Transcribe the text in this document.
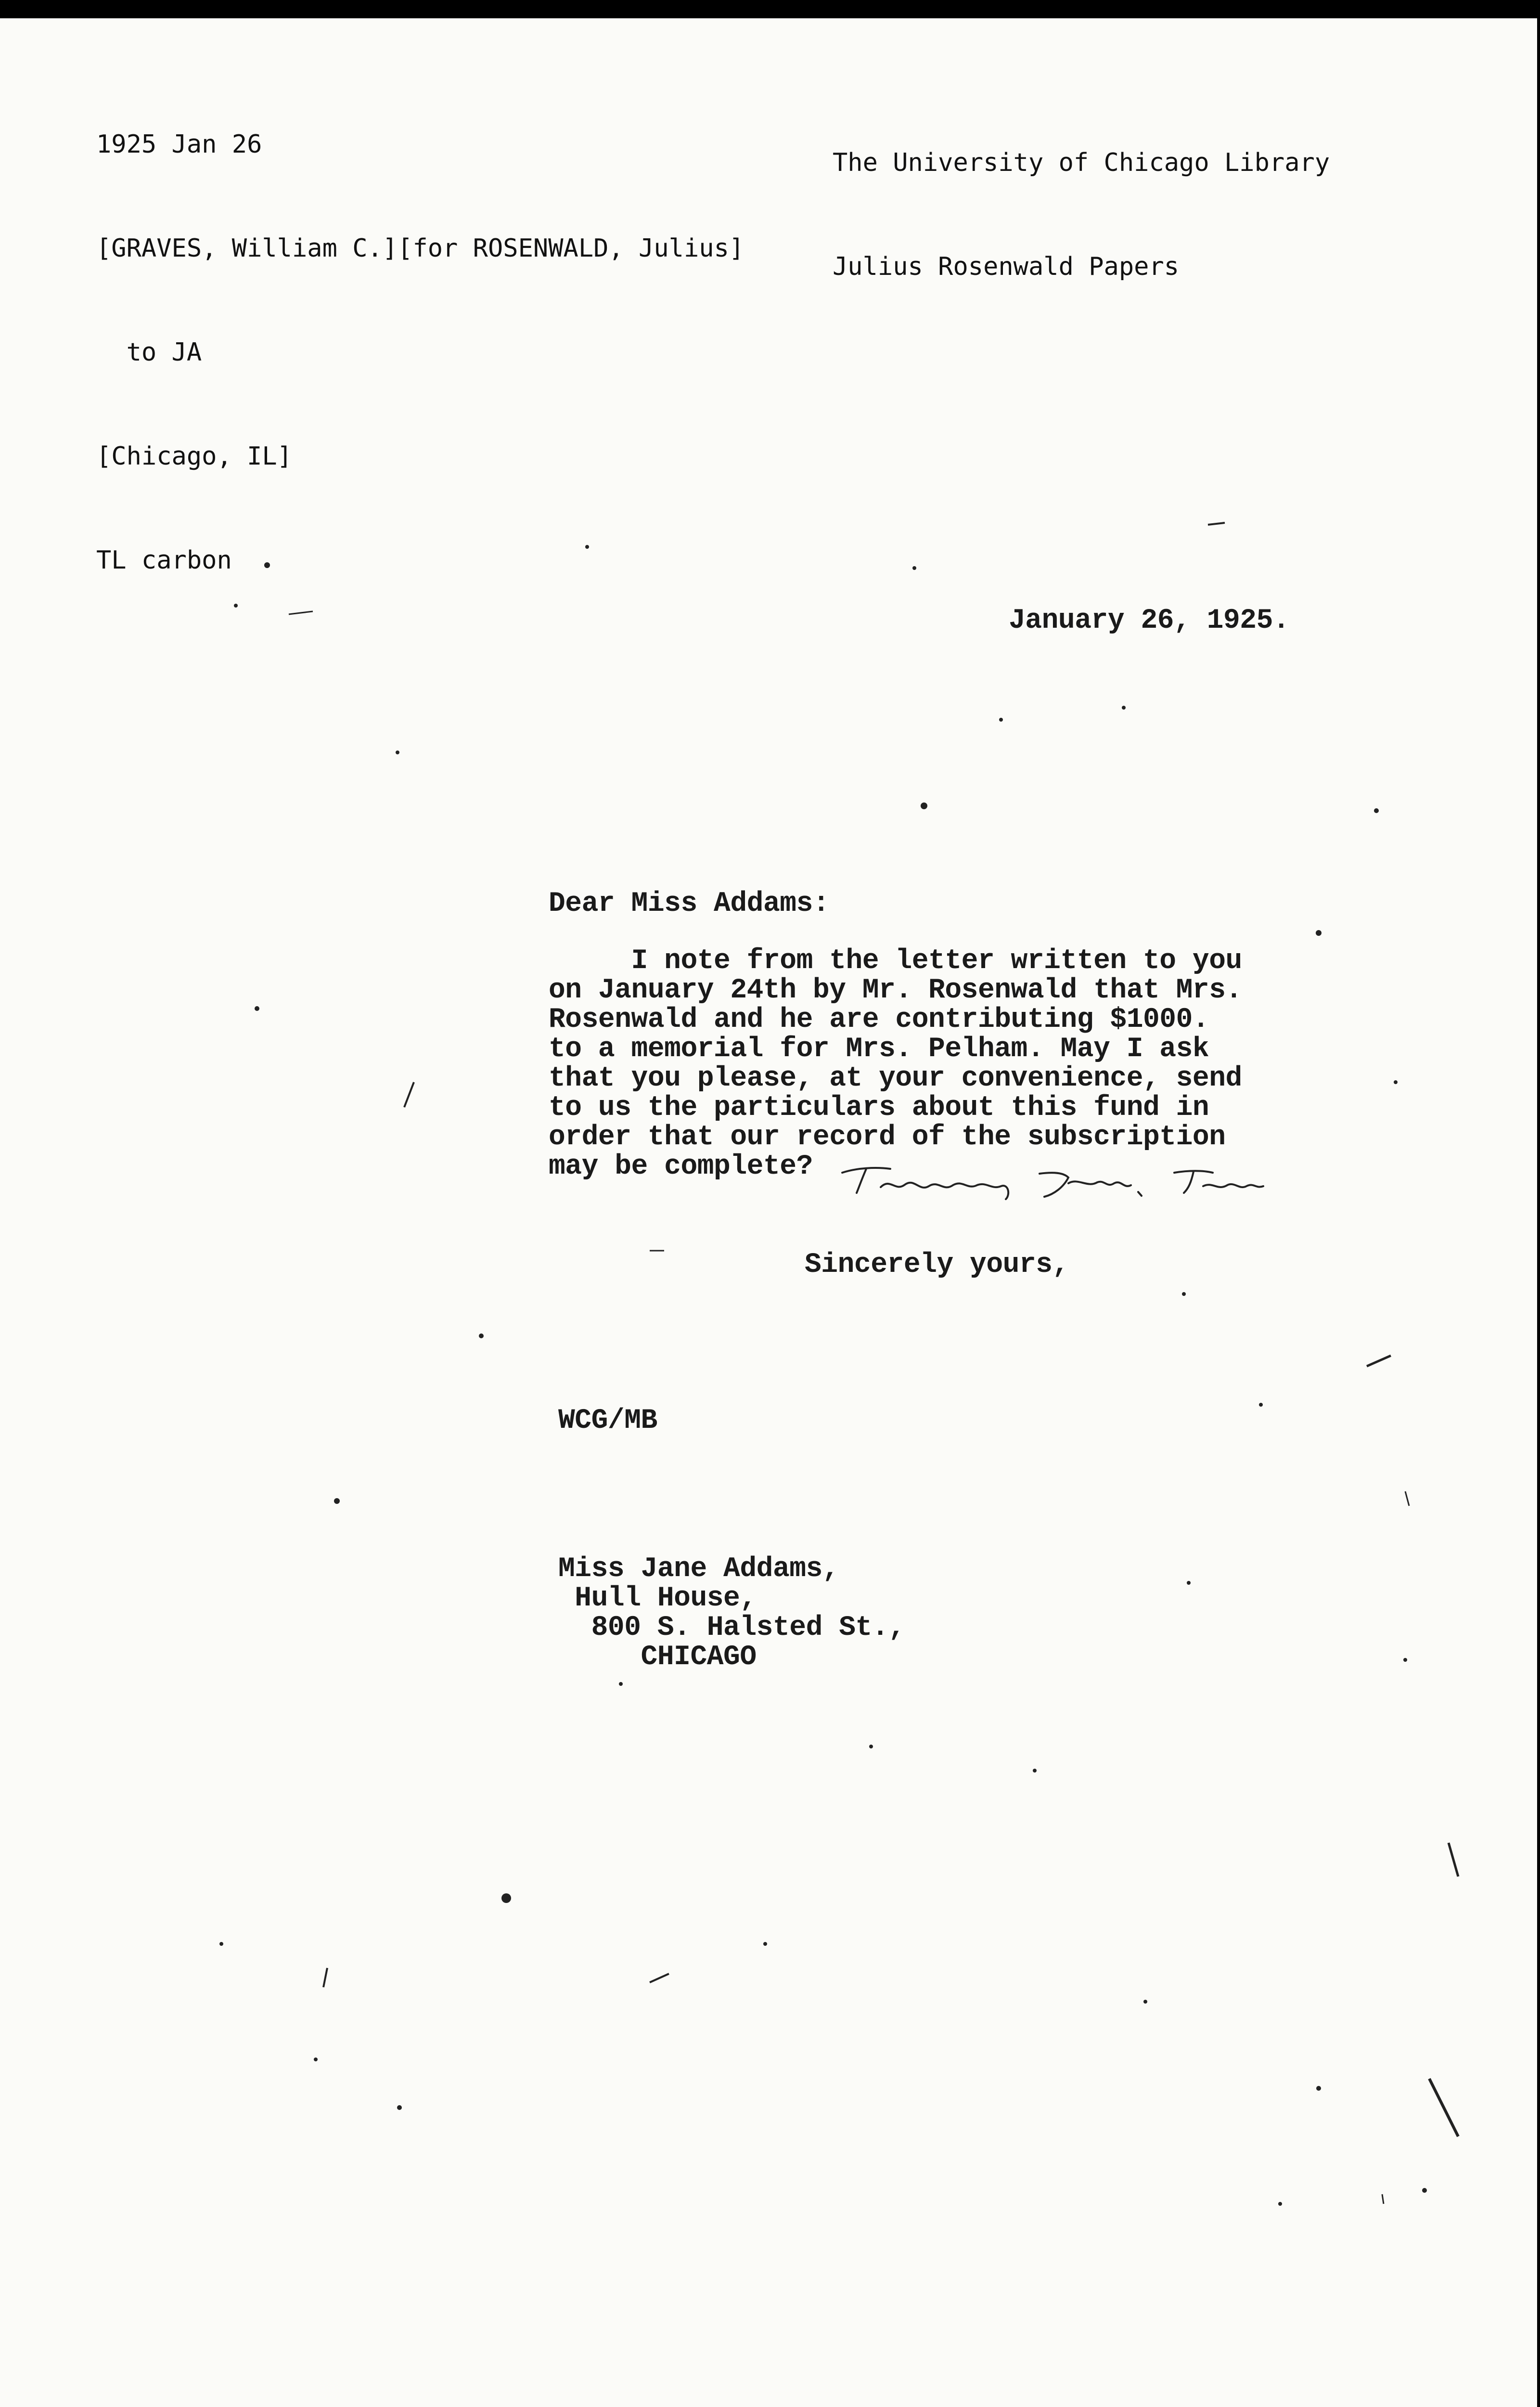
1925 Jan 26

[GRAVES, William C.][for ROSENWALD, Julius]

to JA

[Chicago, IL]

TL carbon

The University of Chicago Library

Julius Rosenwald Papers

January 26, 1925.
Dear Miss Addams:
I note from the letter written to you
on January 24th by Mr. Rosenwald that Mrs.
Rosenwald and he are contributing $1000.
to a memorial for Mrs. Pelham. May I ask
that you please, at your convenience, send
to us the particulars about this fund in
order that our record of the subscription
may be complete?
Sincerely yours,
WCG/MB
Miss Jane Addams,
Hull House,
800 S. Halsted St.,
CHICAGO
